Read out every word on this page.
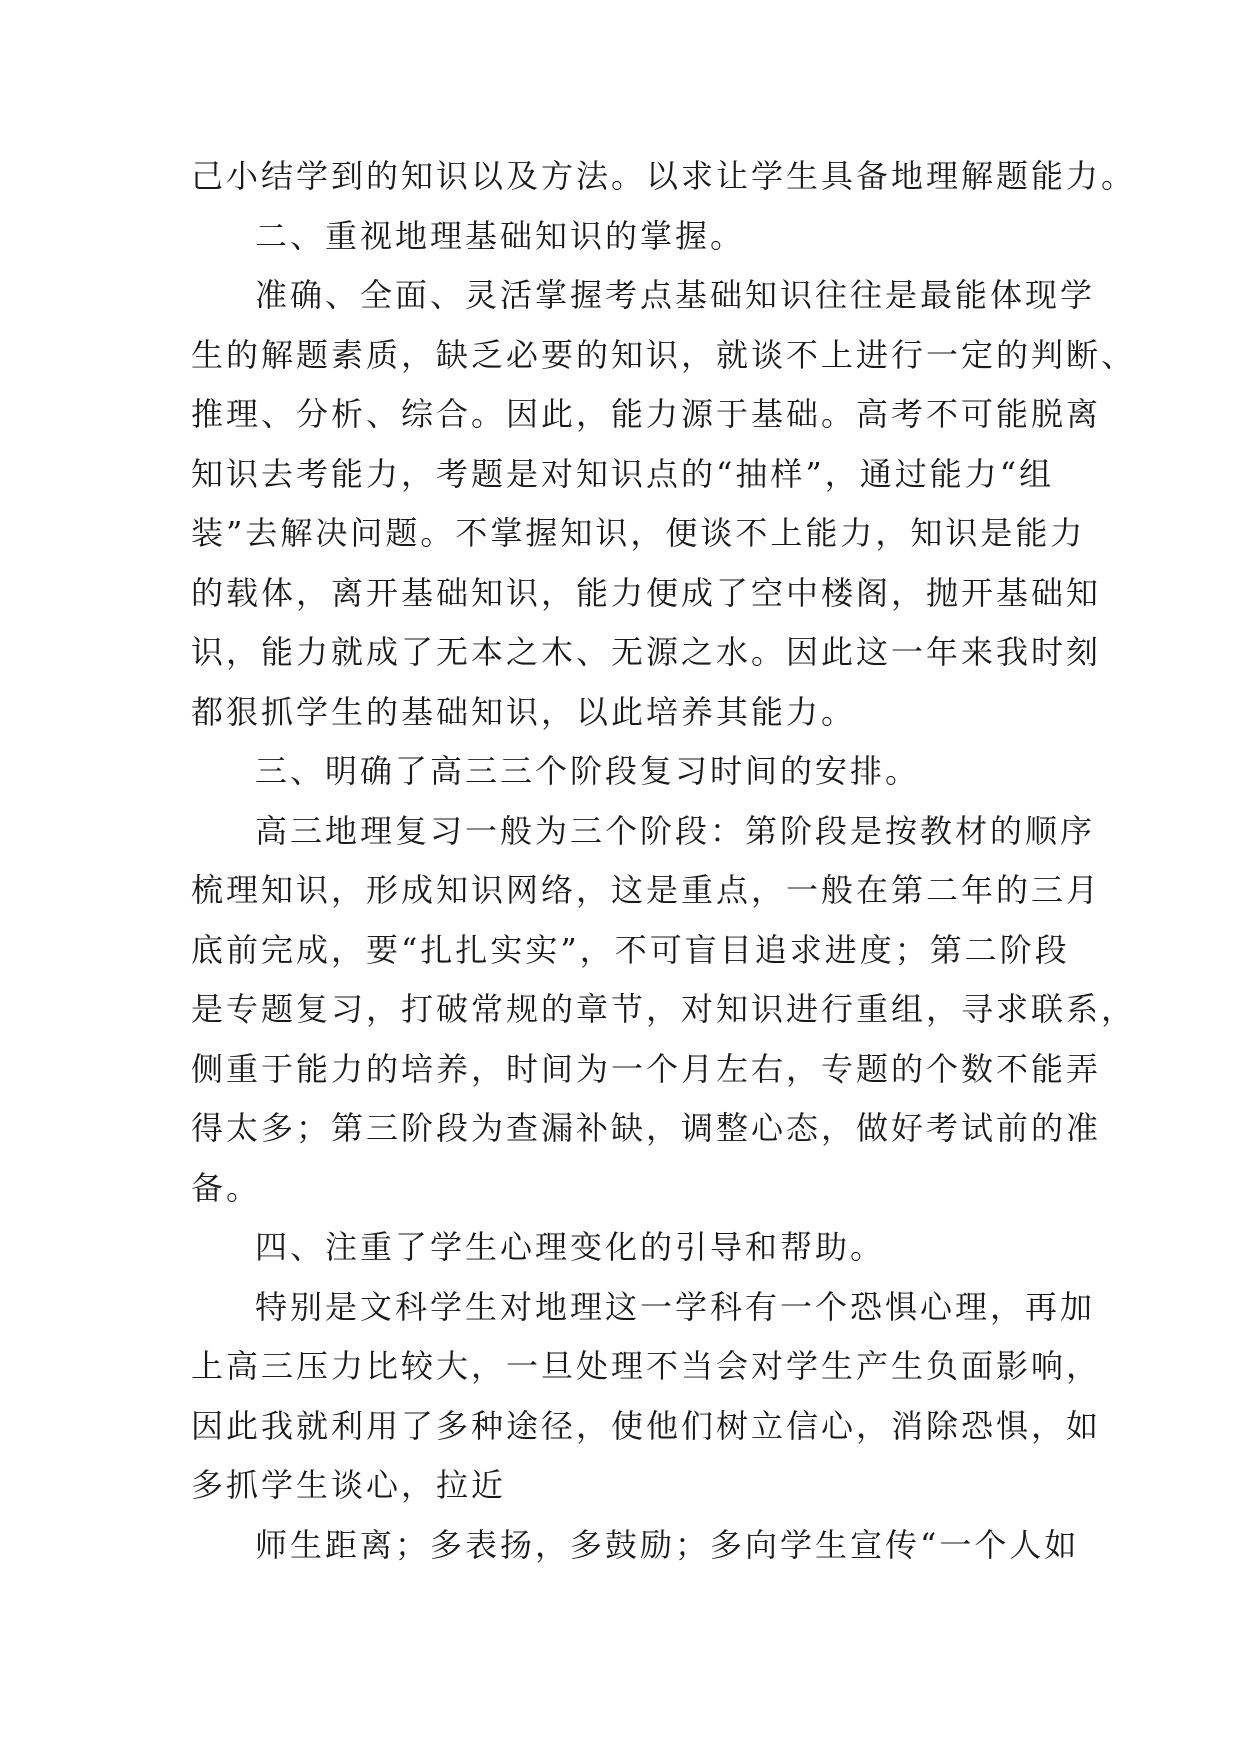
己小结学到的知识以及方法。以求让学生具备地理解题能力。
二、重视地理基础知识的掌握。
准确、全面、灵活掌握考点基础知识往往是最能体现学
生的解题素质，缺乏必要的知识，就谈不上进行一定的判断、
推理、分析、综合。因此，能力源于基础。高考不可能脱离
知识去考能力，考题是对知识点的“抽样”，通过能力“组
装”去解决问题。不掌握知识，便谈不上能力，知识是能力
的载体，离开基础知识，能力便成了空中楼阁，抛开基础知
识，能力就成了无本之木、无源之水。因此这一年来我时刻
都狠抓学生的基础知识，以此培养其能力。
三、明确了高三三个阶段复习时间的安排。
高三地理复习一般为三个阶段：第阶段是按教材的顺序
梳理知识，形成知识网络，这是重点，一般在第二年的三月
底前完成，要“扎扎实实”，不可盲目追求进度；第二阶段
是专题复习，打破常规的章节，对知识进行重组，寻求联系，
侧重于能力的培养，时间为一个月左右，专题的个数不能弄
得太多；第三阶段为查漏补缺，调整心态，做好考试前的准
备。
四、注重了学生心理变化的引导和帮助。
特别是文科学生对地理这一学科有一个恐惧心理，再加
上高三压力比较大，一旦处理不当会对学生产生负面影响，
因此我就利用了多种途径，使他们树立信心，消除恐惧，如
多抓学生谈心，拉近
师生距离；多表扬，多鼓励；多向学生宣传“一个人如
